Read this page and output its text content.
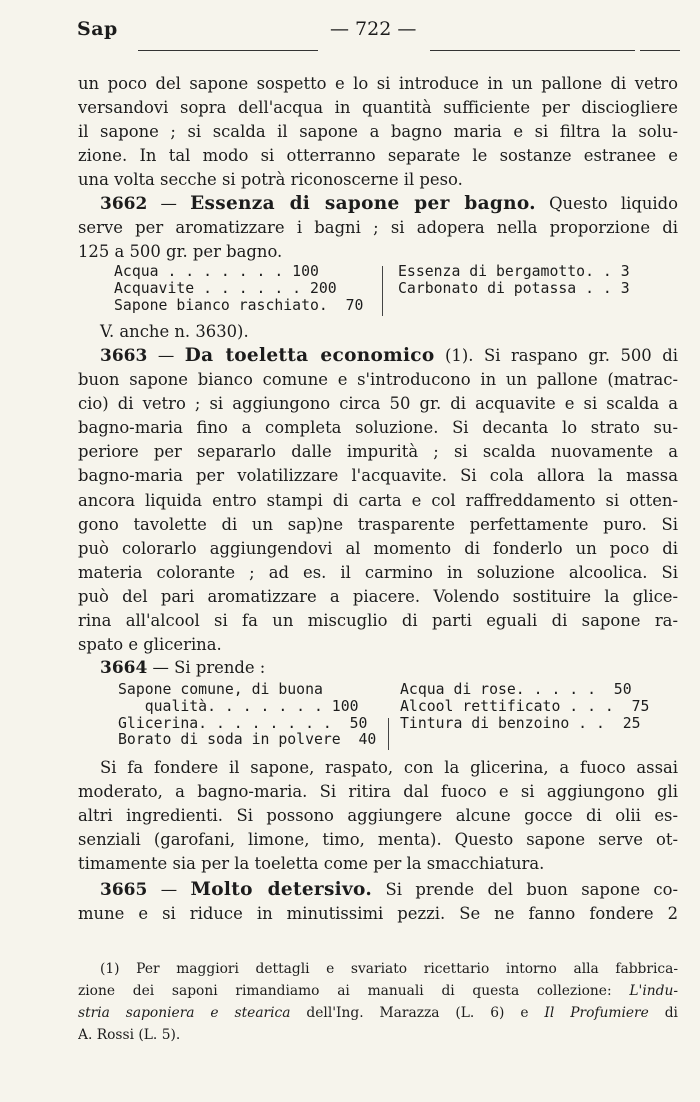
Sap	— 722 —
un poco del sapone sospetto e lo si introduce in un pallone di vetro
versandovi sopra dell'acqua in quantità sufficiente per disciogliere
il sapone ; si scalda il sapone a bagno maria e si filtra la solu-
zione. In tal modo si otterranno separate le sostanze estranee e
una volta secche si potrà riconoscerne il peso.
3662 — Essenza di sapone per bagno. Questo liquido
serve per aromatizzare i bagni ; si adopera nella proporzione di
125 a 500 gr. per bagno.
Acqua . . . . . . . 100
Acquavite . . . . . . 200
Sapone bianco raschiato.  70
Essenza di bergamotto. . 3
Carbonato di potassa . . 3
V. anche n. 3630).
3663 — Da toeletta economico (1). Si raspano gr. 500 di
buon sapone bianco comune e s'introducono in un pallone (matrac-
cio) di vetro ; si aggiungono circa 50 gr. di acquavite e si scalda a
bagno-maria fino a completa soluzione. Si decanta lo strato su-
periore per separarlo dalle impurità ; si scalda nuovamente a
bagno-maria per volatilizzare l'acquavite. Si cola allora la massa
ancora liquida entro stampi di carta e col raffreddamento si otten-
gono tavolette di un sap)ne trasparente perfettamente puro. Si
può colorarlo aggiungendovi al momento di fonderlo un poco di
materia colorante ; ad es. il carmino in soluzione alcoolica. Si
può del pari aromatizzare a piacere. Volendo sostituire la glice-
rina all'alcool si fa un miscuglio di parti eguali di sapone ra-
spato e glicerina.
3664 — Si prende :
Sapone comune, di buona
qualità. . . . . . . 100
Glicerina. . . . . . . .  50
Borato di soda in polvere  40
Acqua di rose. . . . .  50
Alcool rettificato . . .  75
Tintura di benzoino . .  25
Si fa fondere il sapone, raspato, con la glicerina, a fuoco assai
moderato, a bagno-maria. Si ritira dal fuoco e si aggiungono gli
altri ingredienti. Si possono aggiungere alcune gocce di olii es-
senziali (garofani, limone, timo, menta). Questo sapone serve ot-
timamente sia per la toeletta come per la smacchiatura.
3665 — Molto detersivo. Si prende del buon sapone co-
mune e si riduce in minutissimi pezzi. Se ne fanno fondere 2
(1) Per maggiori dettagli e svariato ricettario intorno alla fabbrica-
zione dei saponi rimandiamo ai manuali di questa collezione: L'indu-
stria saponiera e stearica dell'Ing. Marazza (L. 6) e Il Profumiere di
A. Rossi (L. 5).
